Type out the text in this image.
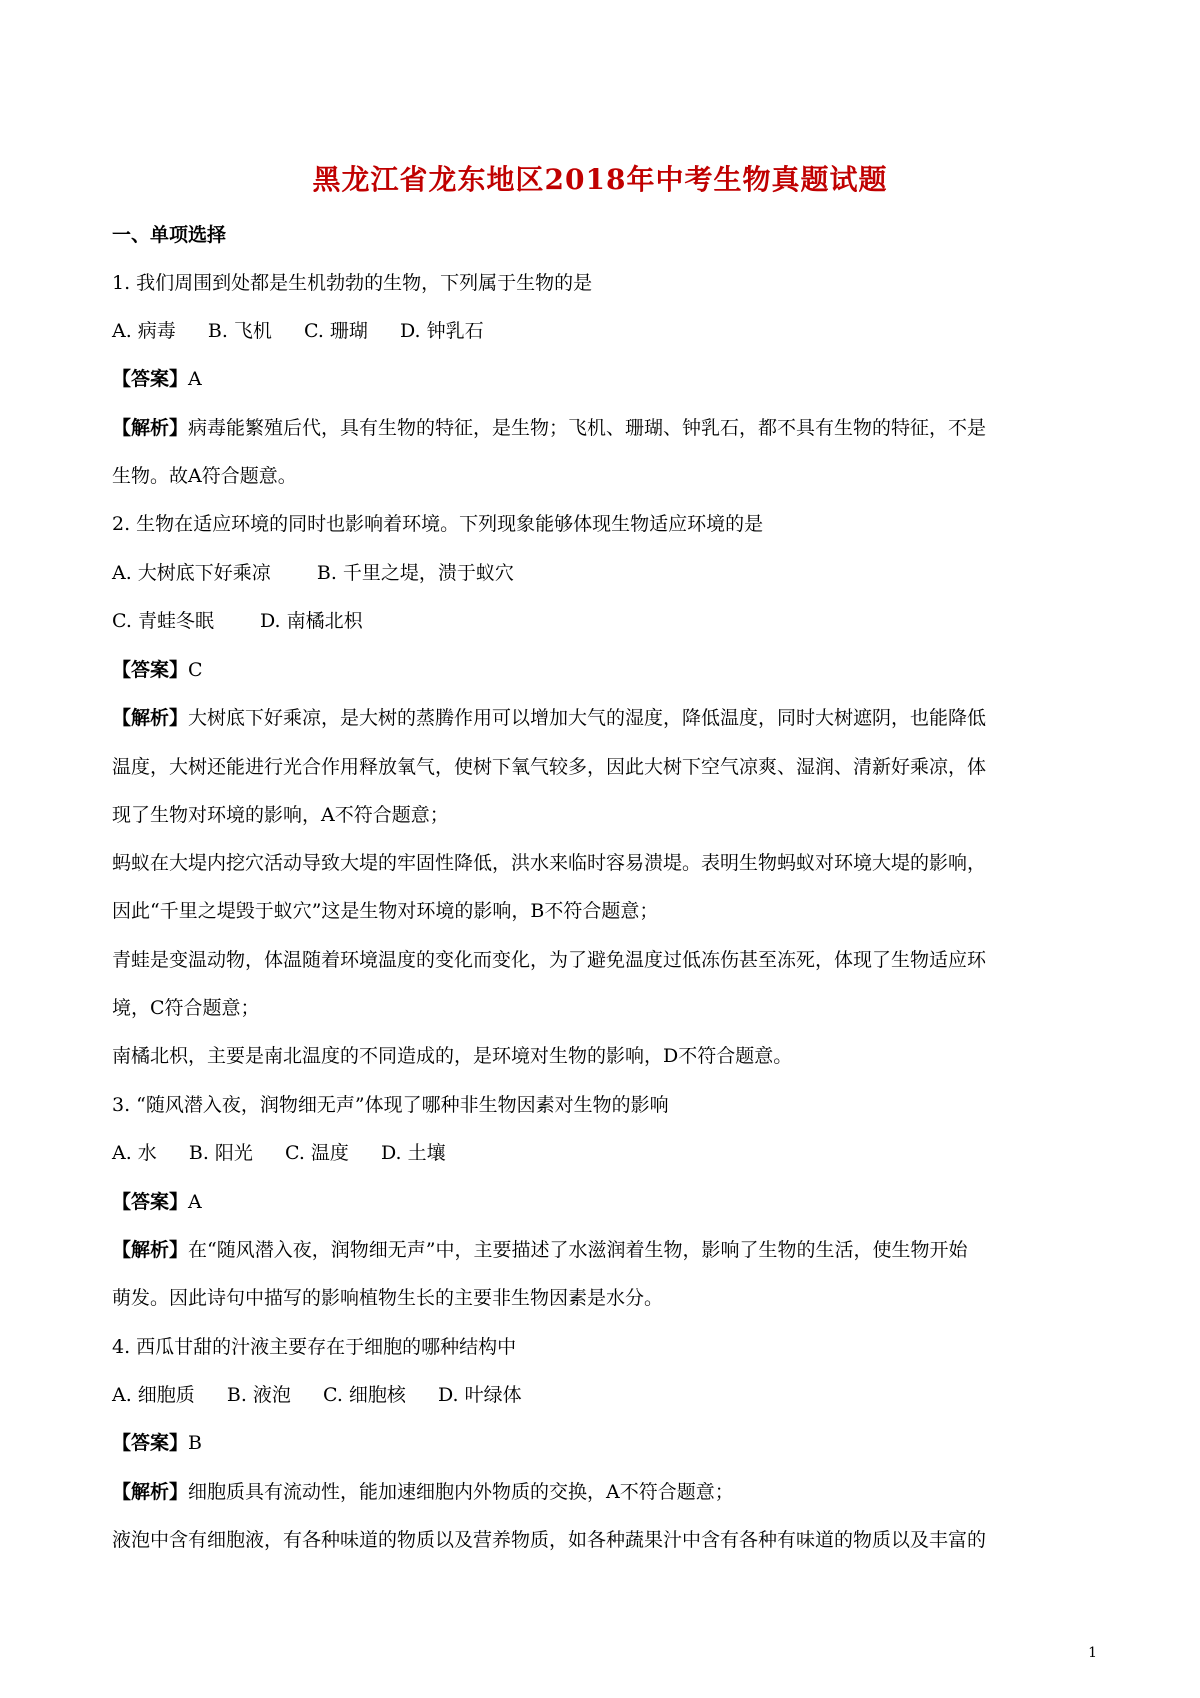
黑龙江省龙东地区2018年中考生物真题试题
一、单项选择
1. 我们周围到处都是生机勃勃的生物，下列属于生物的是
A. 病毒 B. 飞机 C. 珊瑚 D. 钟乳石
【答案】A
【解析】病毒能繁殖后代，具有生物的特征，是生物；飞机、珊瑚、钟乳石，都不具有生物的特征，不是
生物。故A符合题意。
2. 生物在适应环境的同时也影响着环境。下列现象能够体现生物适应环境的是
A. 大树底下好乘凉 B. 千里之堤，溃于蚁穴
C. 青蛙冬眠 D. 南橘北枳
【答案】C
【解析】大树底下好乘凉，是大树的蒸腾作用可以增加大气的湿度，降低温度，同时大树遮阴，也能降低
温度，大树还能进行光合作用释放氧气，使树下氧气较多，因此大树下空气凉爽、湿润、清新好乘凉，体
现了生物对环境的影响，A不符合题意；
蚂蚁在大堤内挖穴活动导致大堤的牢固性降低，洪水来临时容易溃堤。表明生物蚂蚁对环境大堤的影响，
因此“千里之堤毁于蚁穴”这是生物对环境的影响，B不符合题意；
青蛙是变温动物，体温随着环境温度的变化而变化，为了避免温度过低冻伤甚至冻死，体现了生物适应环
境，C符合题意；
南橘北枳，主要是南北温度的不同造成的，是环境对生物的影响，D不符合题意。
3. “随风潜入夜，润物细无声”体现了哪种非生物因素对生物的影响
A. 水 B. 阳光 C. 温度 D. 土壤
【答案】A
【解析】在“随风潜入夜，润物细无声”中，主要描述了水滋润着生物，影响了生物的生活，使生物开始
萌发。因此诗句中描写的影响植物生长的主要非生物因素是水分。
4. 西瓜甘甜的汁液主要存在于细胞的哪种结构中
A. 细胞质 B. 液泡 C. 细胞核 D. 叶绿体
【答案】B
【解析】细胞质具有流动性，能加速细胞内外物质的交换，A不符合题意；
液泡中含有细胞液，有各种味道的物质以及营养物质，如各种蔬果汁中含有各种有味道的物质以及丰富的
1
